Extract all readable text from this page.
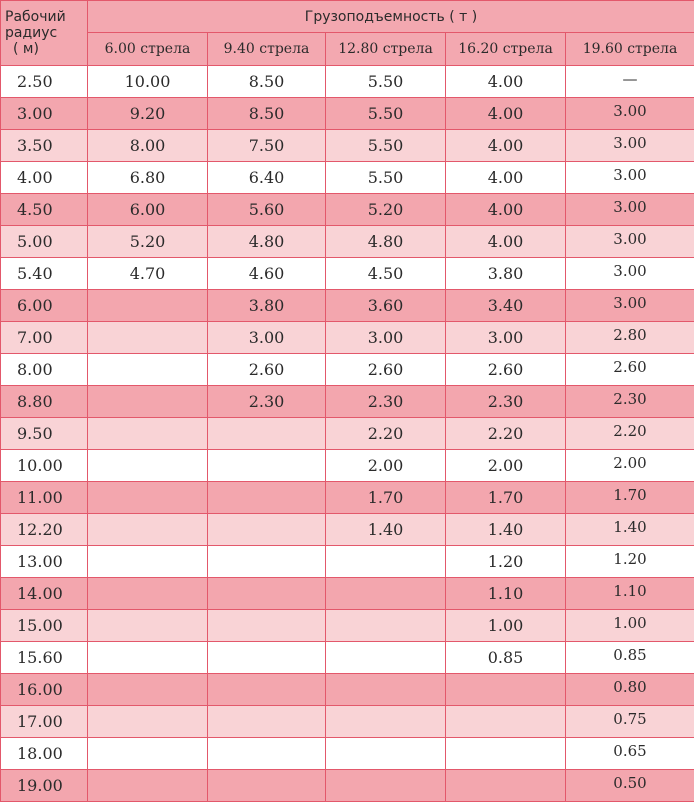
Рабочий
радиус
( м)	Грузоподъемность ( т )				
	6.00 стрела	9.40 стрела	12.80 стрела	16.20 стрела	19.60 стрела
2.50	10.00	8.50	5.50	4.00	—
3.00	9.20	8.50	5.50	4.00	3.00
3.50	8.00	7.50	5.50	4.00	3.00
4.00	6.80	6.40	5.50	4.00	3.00
4.50	6.00	5.60	5.20	4.00	3.00
5.00	5.20	4.80	4.80	4.00	3.00
5.40	4.70	4.60	4.50	3.80	3.00
6.00		3.80	3.60	3.40	3.00
7.00		3.00	3.00	3.00	2.80
8.00		2.60	2.60	2.60	2.60
8.80		2.30	2.30	2.30	2.30
9.50			2.20	2.20	2.20
10.00			2.00	2.00	2.00
11.00			1.70	1.70	1.70
12.20			1.40	1.40	1.40
13.00				1.20	1.20
14.00				1.10	1.10
15.00				1.00	1.00
15.60				0.85	0.85
16.00					0.80
17.00					0.75
18.00					0.65
19.00					0.50
